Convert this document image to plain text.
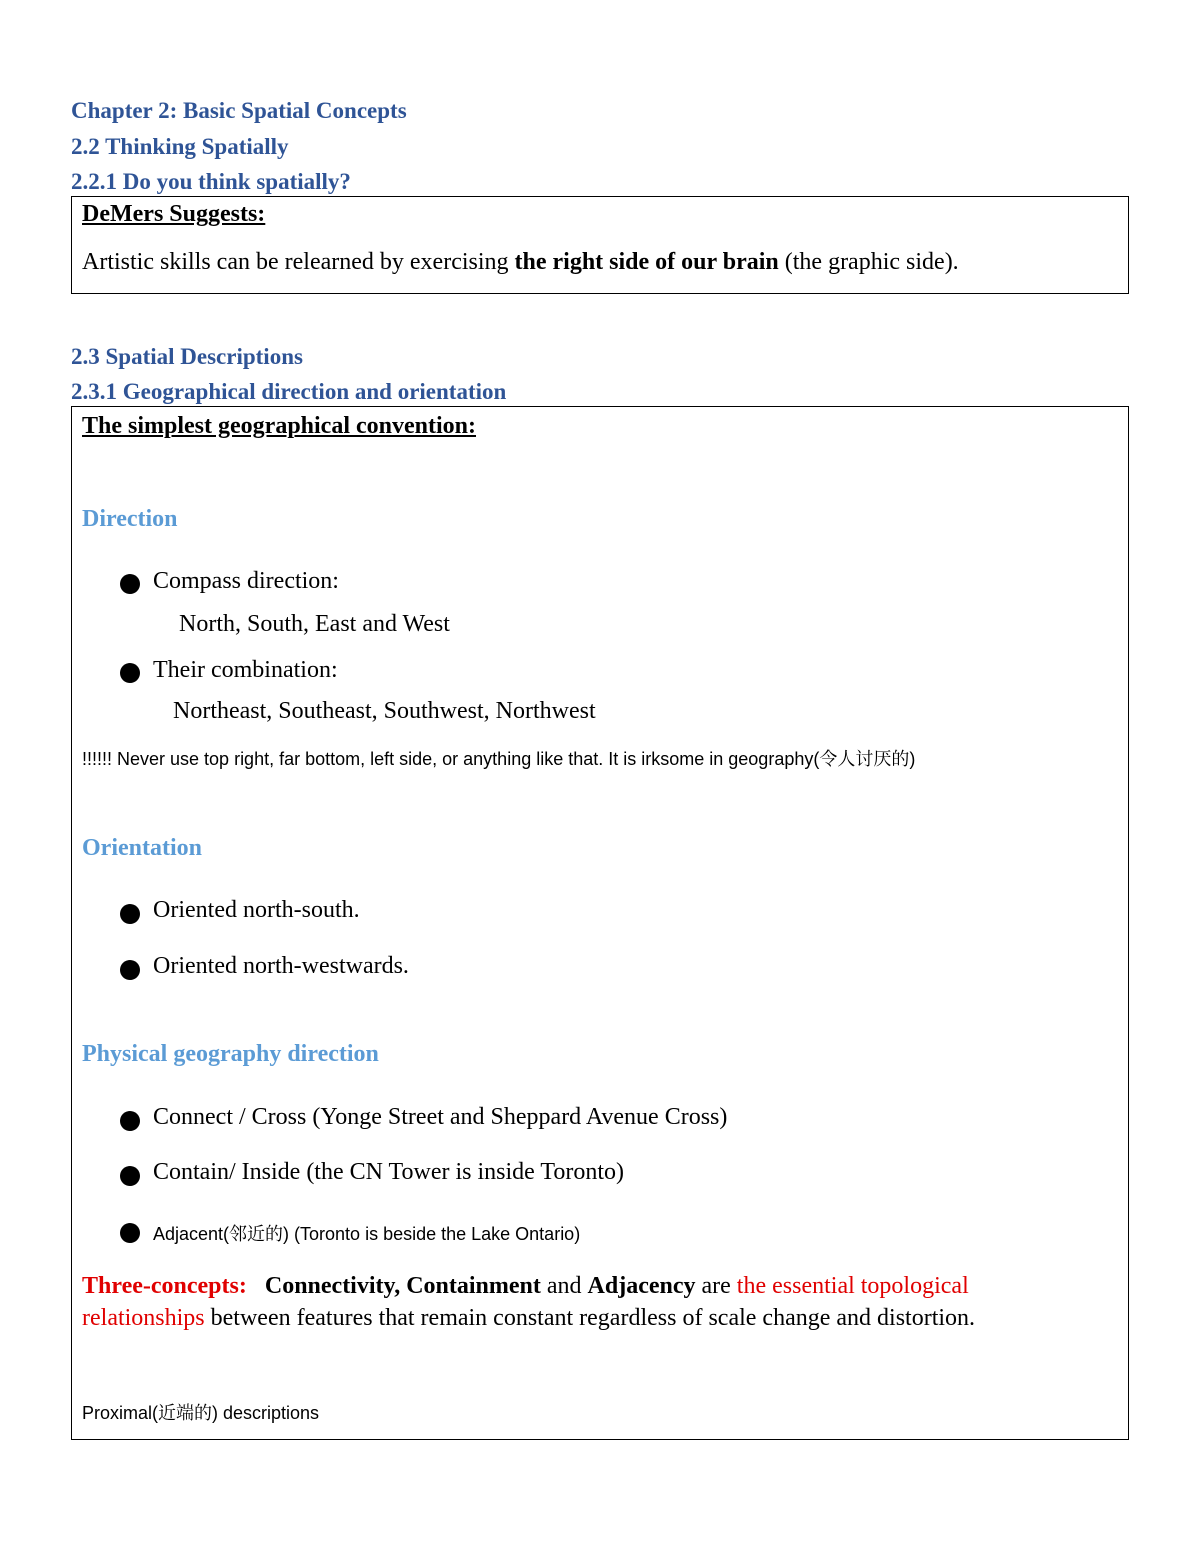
Chapter 2: Basic Spatial Concepts
2.2 Thinking Spatially
2.2.1 Do you think spatially?
DeMers Suggests:
Artistic skills can be relearned by exercising the right side of our brain (the graphic side).
2.3 Spatial Descriptions
2.3.1 Geographical direction and orientation
The simplest geographical convention:
Direction
Compass direction:
North, South, East and West
Their combination:
Northeast, Southeast, Southwest, Northwest
!!!!!! Never use top right, far bottom, left side, or anything like that. It is irksome in geography(令人讨厌的)
Orientation
Oriented north-south.
Oriented north-westwards.
Physical geography direction
Connect / Cross (Yonge Street and Sheppard Avenue Cross)
Contain/ Inside (the CN Tower is inside Toronto)
Adjacent(邻近的) (Toronto is beside the Lake Ontario)
Three-concepts: Connectivity, Containment and Adjacency are the essential topological
relationships between features that remain constant regardless of scale change and distortion.
Proximal(近端的) descriptions
